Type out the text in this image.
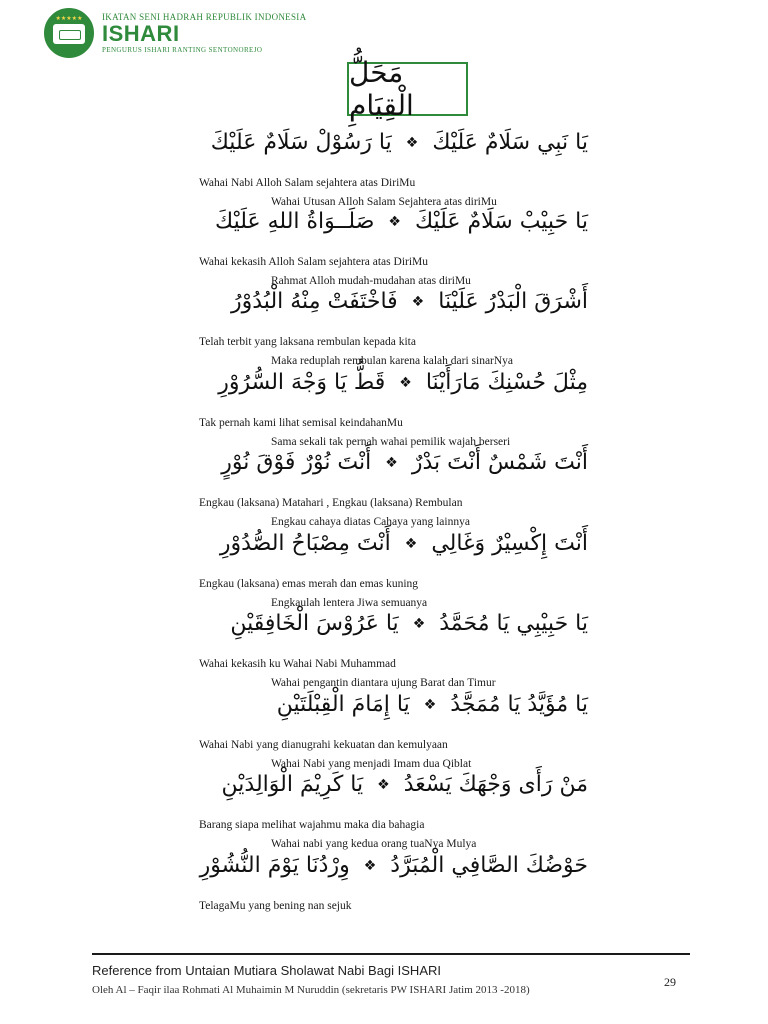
★★★★★	IKATAN SENI HADRAH REPUBLIK INDONESIA
ISHARI
PENGURUS ISHARI RANTING SENTONOREJO
مَحَلُّ الْقِيَامِ
يَا نَبِي سَلَامٌ عَلَيْكَ❖يَا رَسُوْلْ سَلَامٌ عَلَيْكَ
Wahai Nabi Alloh Salam sejahtera atas DiriMu
Wahai Utusan Alloh Salam Sejahtera atas diriMu
يَا حَبِيْبْ سَلَامٌ عَلَيْكَ❖صَلَــوَاةُ اللهِ عَلَيْكَ
Wahai kekasih Alloh Salam sejahtera atas DiriMu
Rahmat Alloh mudah-mudahan atas diriMu
أَشْرَقَ الْبَدْرُ عَلَيْنَا❖فَاخْتَفَتْ مِنْهُ الْبُدُوْرُ
Telah terbit yang laksana rembulan kepada kita
Maka reduplah rembulan karena kalah dari sinarNya
مِثْلَ حُسْنِكَ مَارَأَيْنَا❖قَطُّ يَا وَجْهَ السُّرُوْرِ
Tak pernah kami lihat semisal keindahanMu
Sama sekali tak pernah wahai pemilik wajah berseri
أَنْتَ شَمْسٌ أَنْتَ بَدْرٌ❖أَنْتَ نُوْرٌ فَوْقَ نُوْرٍ
Engkau (laksana) Matahari , Engkau (laksana) Rembulan
Engkau cahaya diatas Cahaya yang lainnya
أَنْتَ إِكْسِيْرٌ وَغَالِي❖أَنْتَ مِصْبَاحُ الصُّدُوْرِ
Engkau (laksana) emas merah dan emas kuning
Engkaulah lentera Jiwa semuanya
يَا حَبِيْبِي يَا مُحَمَّدُ❖يَا عَرُوْسَ الْخَافِقَيْنِ
Wahai kekasih ku Wahai Nabi Muhammad
Wahai pengantin diantara ujung Barat dan Timur
يَا مُؤَيَّدُ يَا مُمَجَّدُ❖يَا إِمَامَ الْقِبْلَتَيْنِ
Wahai Nabi yang dianugrahi kekuatan dan kemulyaan
Wahai Nabi yang menjadi Imam dua Qiblat
مَنْ رَأَى وَجْهَكَ يَسْعَدُ❖يَا كَرِيْمَ الْوَالِدَيْنِ
Barang siapa melihat wajahmu maka dia bahagia
Wahai nabi yang kedua orang tuaNya Mulya
حَوْضُكَ الصَّافِي الْمُبَرَّدُ❖وِرْدُنَا يَوْمَ النُّشُوْرِ
TelagaMu yang bening nan sejuk
Reference from Untaian Mutiara Sholawat Nabi Bagi ISHARI
Oleh Al – Faqir ilaa Rohmati Al Muhaimin M Nuruddin (sekretaris PW ISHARI Jatim 2013 -2018)
29
